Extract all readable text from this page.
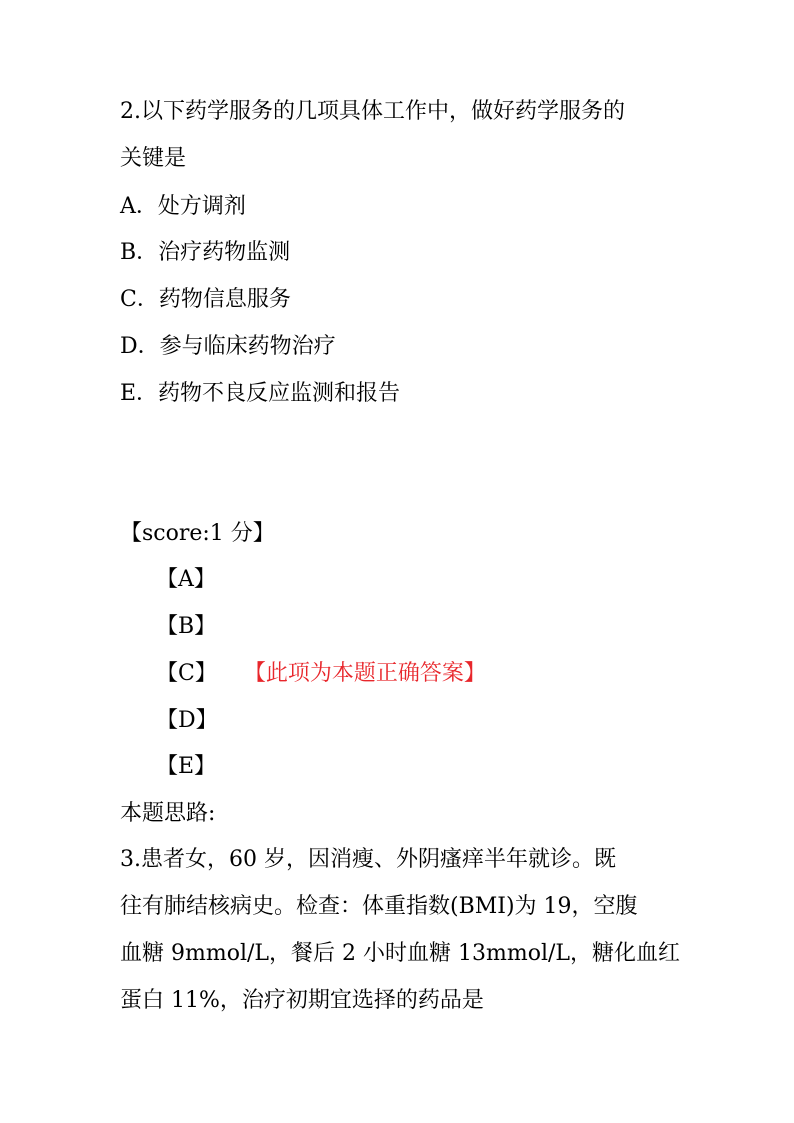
2.以下药学服务的几项具体工作中，做好药学服务的
关键是
A．处方调剂
B．治疗药物监测
C．药物信息服务
D．参与临床药物治疗
E．药物不良反应监测和报告
【score:1 分】
【A】
【B】
【C】 【此项为本题正确答案】
【D】
【E】
本题思路:
3.患者女，60 岁，因消瘦、外阴瘙痒半年就诊。既
往有肺结核病史。检查：体重指数(BMI)为 19，空腹
血糖 9mmol/L，餐后 2 小时血糖 13mmol/L，糖化血红
蛋白 11%，治疗初期宜选择的药品是
